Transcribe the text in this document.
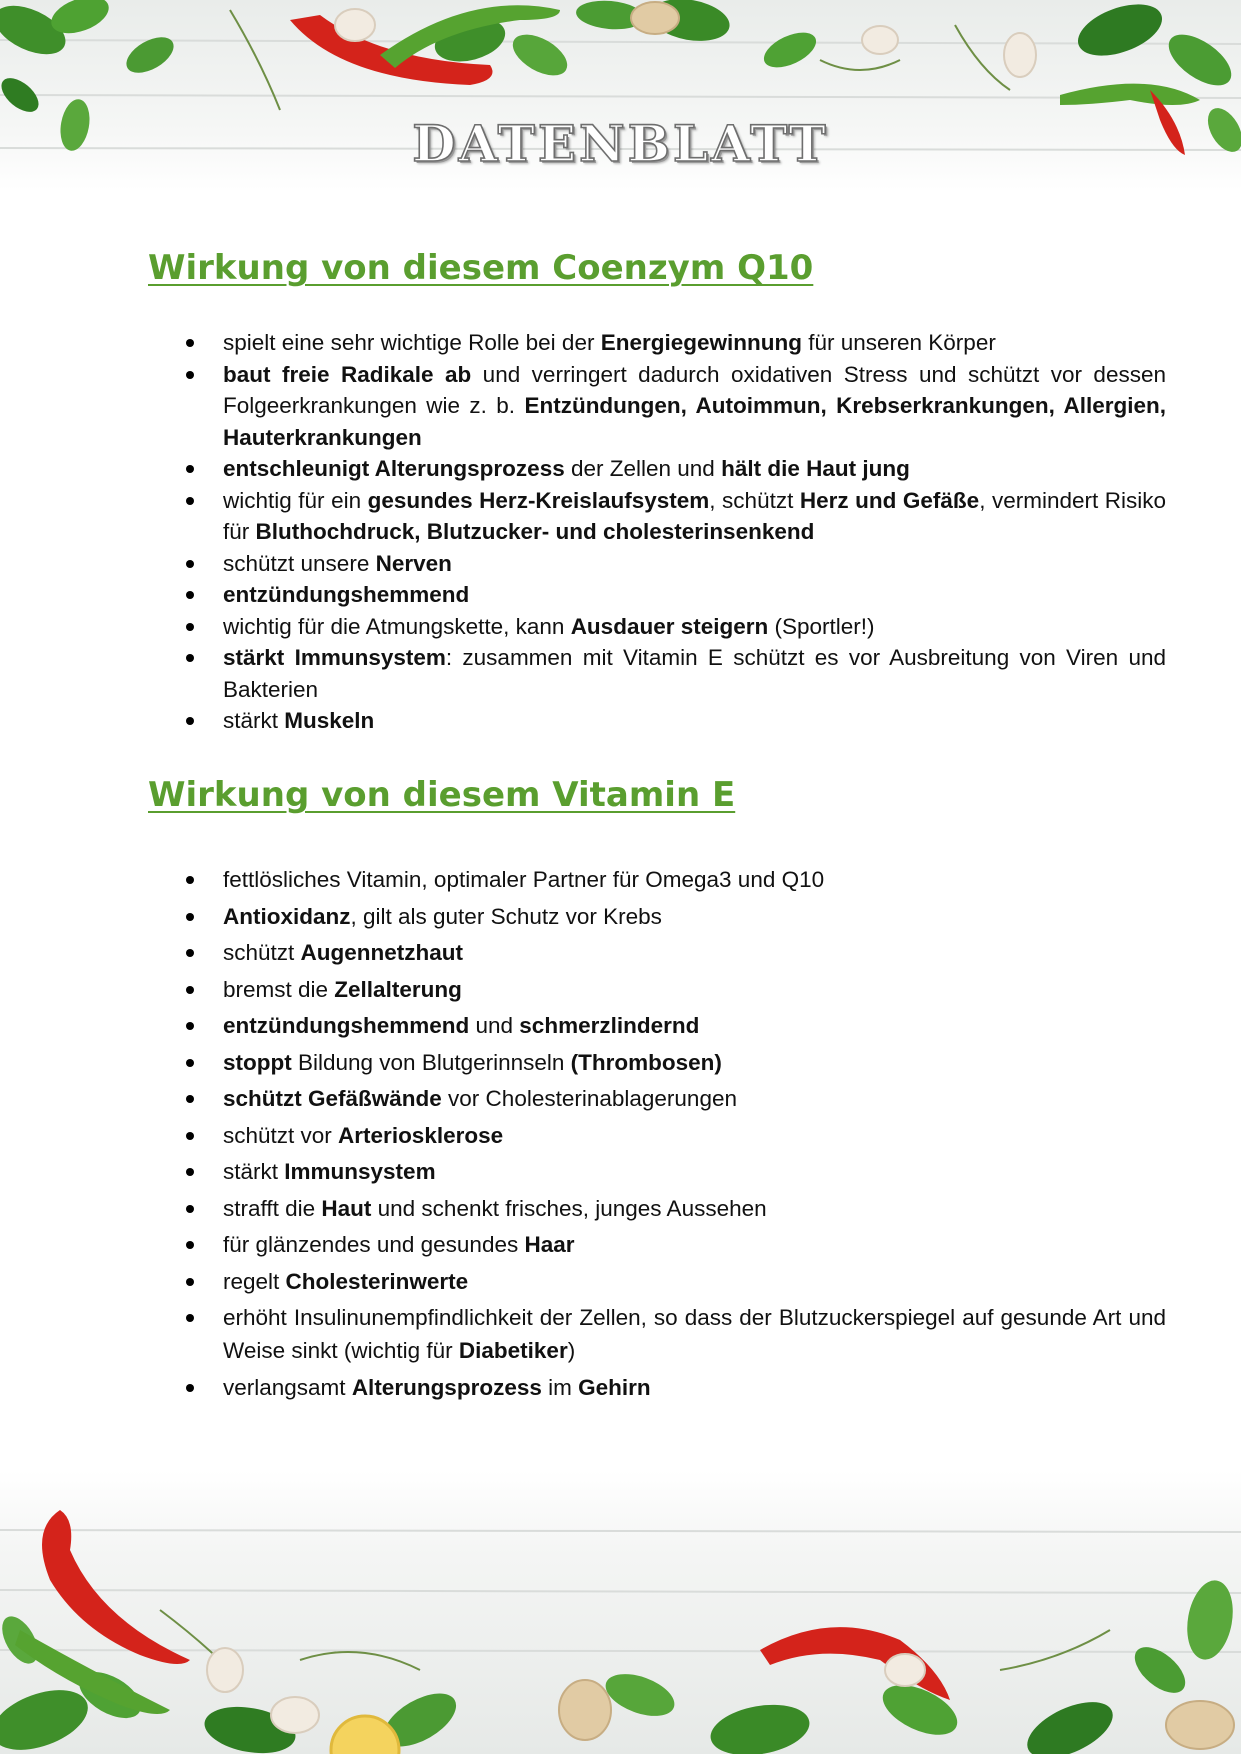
DATENBLATT
Wirkung von diesem Coenzym Q10
spielt eine sehr wichtige Rolle bei der Energiegewinnung für unseren Körper
baut freie Radikale ab und verringert dadurch oxidativen Stress und schützt vor dessen Folgeerkrankungen wie z. b. Entzündungen, Autoimmun, Krebserkrankungen, Allergien, Hauterkrankungen
entschleunigt Alterungsprozess der Zellen und hält die Haut jung
wichtig für ein gesundes Herz-Kreislaufsystem, schützt Herz und Gefäße, vermindert Risiko für Bluthochdruck, Blutzucker- und cholesterinsenkend
schützt unsere Nerven
entzündungshemmend
wichtig für die Atmungskette, kann Ausdauer steigern (Sportler!)
stärkt Immunsystem: zusammen mit Vitamin E schützt es vor Ausbreitung von Viren und Bakterien
stärkt Muskeln
Wirkung von diesem Vitamin E
fettlösliches Vitamin, optimaler Partner für Omega3 und Q10
Antioxidanz, gilt als guter Schutz vor Krebs
schützt Augennetzhaut
bremst die Zellalterung
entzündungshemmend und schmerzlindernd
stoppt Bildung von Blutgerinnseln (Thrombosen)
schützt Gefäßwände vor Cholesterinablagerungen
schützt vor Arteriosklerose
stärkt Immunsystem
strafft die Haut und schenkt frisches, junges Aussehen
für glänzendes und gesundes Haar
regelt Cholesterinwerte
erhöht Insulinunempfindlichkeit der Zellen, so dass der Blutzuckerspiegel auf gesunde Art und Weise sinkt (wichtig für Diabetiker)
verlangsamt Alterungsprozess im Gehirn
